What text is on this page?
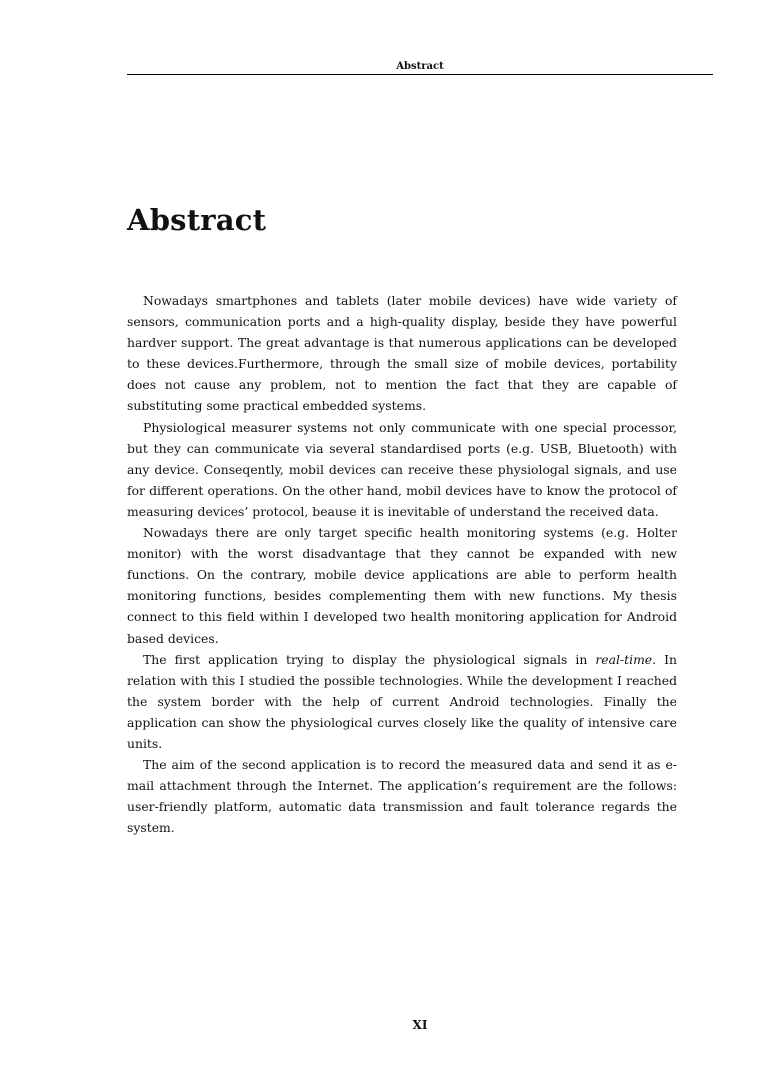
Abstract
Abstract

Nowadays smartphones and tablets (later mobile devices) have wide variety of sensors, communication ports and a high-quality display, beside they have powerful hardver support. The great advantage is that numerous applications can be developed to these devices.Furthermore, through the small size of mobile devices, portability does not cause any problem, not to mention the fact that they are capable of substituting some practical embedded systems.

Physiological measurer systems not only communicate with one special processor, but they can communicate via several standardised ports (e.g. USB, Bluetooth) with any device. Conseqently, mobil devices can receive these physiologal signals, and use for different operations. On the other hand, mobil devices have to know the protocol of measuring devices’ protocol, beause it is inevitable of understand the received data.

Nowadays there are only target specific health monitoring systems (e.g. Holter monitor) with the worst disadvantage that they cannot be expanded with new functions. On the contrary, mobile device applications are able to perform health monitoring functions, besides complementing them with new functions. My thesis connect to this field within I developed two health monitoring application for Android based devices.

The first application trying to display the physiological signals in real-time. In relation with this I studied the possible technologies. While the development I reached the system border with the help of current Android technologies. Finally the application can show the physiological curves closely like the quality of intensive care units.

The aim of the second application is to record the measured data and send it as e-mail attachment through the Internet. The application’s requirement are the follows: user-friendly platform, automatic data transmission and fault tolerance regards the system.

XI
